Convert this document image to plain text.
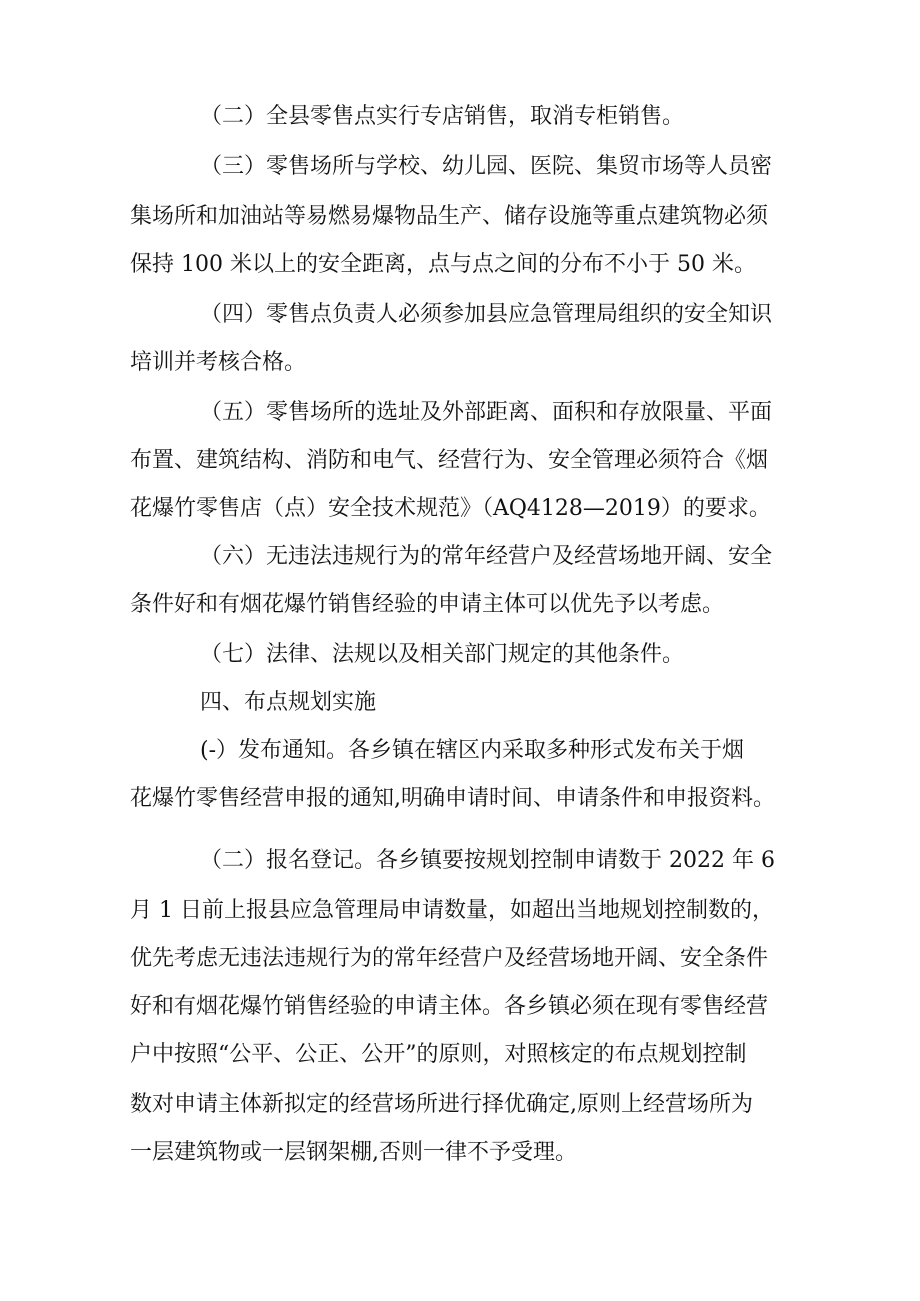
（二）全县零售点实行专店销售，取消专柜销售。
（三）零售场所与学校、幼儿园、医院、集贸市场等人员密
集场所和加油站等易燃易爆物品生产、储存设施等重点建筑物必须
保持 100 米以上的安全距离，点与点之间的分布不小于 50 米。
（四）零售点负责人必须参加县应急管理局组织的安全知识
培训并考核合格。
（五）零售场所的选址及外部距离、面积和存放限量、平面
布置、建筑结构、消防和电气、经营行为、安全管理必须符合《烟
花爆竹零售店（点）安全技术规范》（AQ4128—2019）的要求。
（六）无违法违规行为的常年经营户及经营场地开阔、安全
条件好和有烟花爆竹销售经验的申请主体可以优先予以考虑。
（七）法律、法规以及相关部门规定的其他条件。
四、布点规划实施
(-）发布通知。各乡镇在辖区内采取多种形式发布关于烟
花爆竹零售经营申报的通知,明确申请时间、申请条件和申报资料。
（二）报名登记。各乡镇要按规划控制申请数于 2022 年 6
月 1 日前上报县应急管理局申请数量，如超出当地规划控制数的，
优先考虑无违法违规行为的常年经营户及经营场地开阔、安全条件
好和有烟花爆竹销售经验的申请主体。各乡镇必须在现有零售经营
户中按照“公平、公正、公开”的原则，对照核定的布点规划控制
数对申请主体新拟定的经营场所进行择优确定,原则上经营场所为
一层建筑物或一层钢架棚,否则一律不予受理。
